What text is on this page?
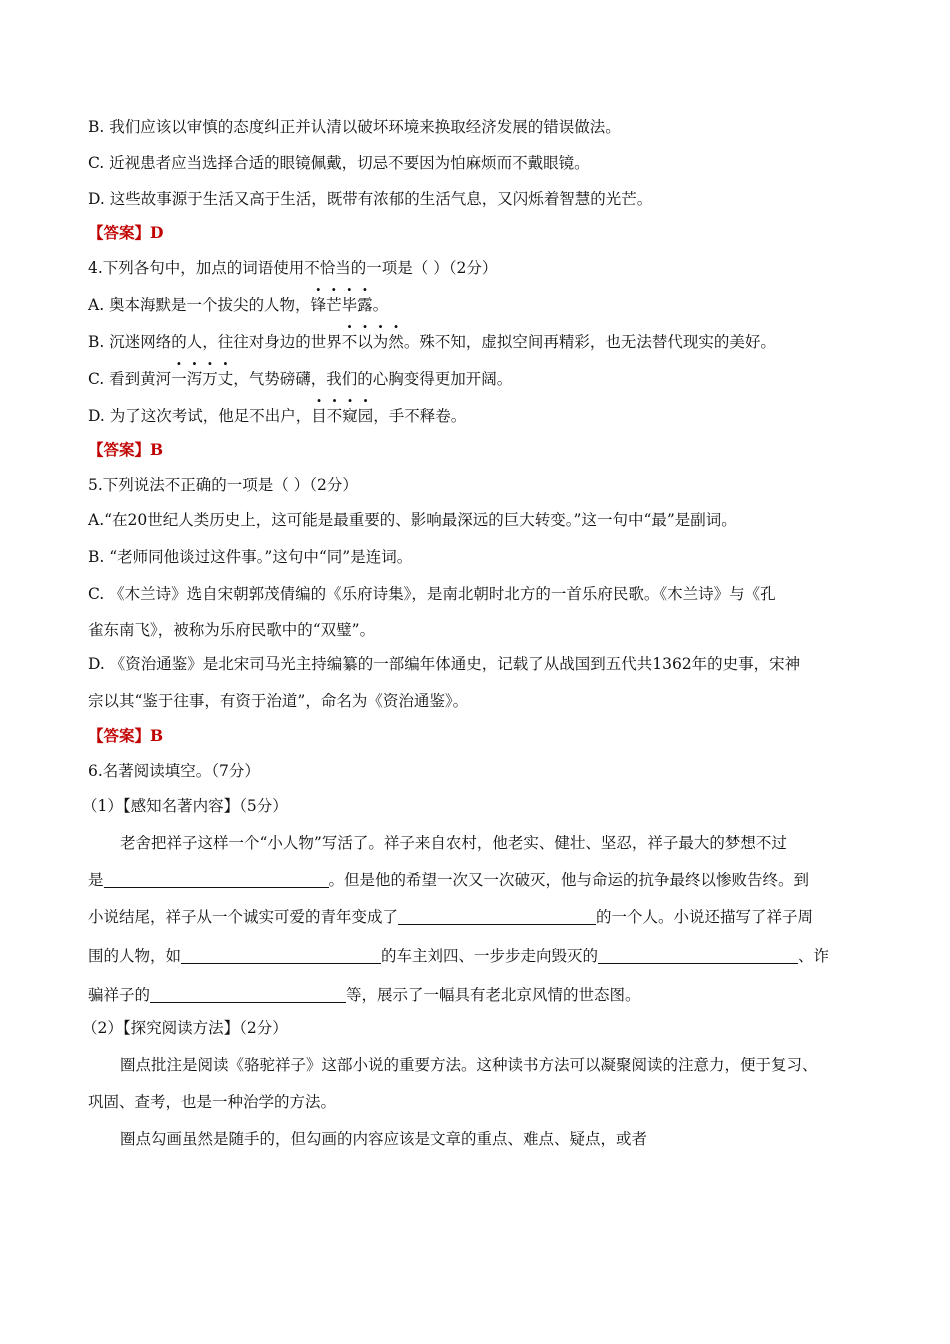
B. 我们应该以审慎的态度纠正并认清以破坏环境来换取经济发展的错误做法。
C. 近视患者应当选择合适的眼镜佩戴，切忌不要因为怕麻烦而不戴眼镜。
D. 这些故事源于生活又高于生活，既带有浓郁的生活气息，又闪烁着智慧的光芒。
【答案】D
4.下列各句中，加点的词语使用不恰当的一项是（ ）（2分）
A. 奥本海默是一个拔尖的人物，锋芒毕露。
B. 沉迷网络的人，往往对身边的世界不以为然。殊不知，虚拟空间再精彩，也无法替代现实的美好。
C. 看到黄河一泻万丈，气势磅礴，我们的心胸变得更加开阔。
D. 为了这次考试，他足不出户，目不窥园，手不释卷。
【答案】B
5.下列说法不正确的一项是（ ）（2分）
A.“在20世纪人类历史上，这可能是最重要的、影响最深远的巨大转变。”这一句中“最”是副词。
B. “老师同他谈过这件事。”这句中“同”是连词。
C. 《木兰诗》选自宋朝郭茂倩编的《乐府诗集》，是南北朝时北方的一首乐府民歌。《木兰诗》与《孔
雀东南飞》，被称为乐府民歌中的“双璧”。
D. 《资治通鉴》是北宋司马光主持编纂的一部编年体通史，记载了从战国到五代共1362年的史事，宋神
宗以其“鉴于往事，有资于治道”，命名为《资治通鉴》。
【答案】B
6.名著阅读填空。（7分）
（1）【感知名著内容】（5分）
老舍把祥子这样一个“小人物”写活了。祥子来自农村，他老实、健壮、坚忍，祥子最大的梦想不过
是	。但是他的希望一次又一次破灭，他与命运的抗争最终以惨败告终。到
小说结尾，祥子从一个诚实可爱的青年变成了	的一个人。小说还描写了祥子周
围的人物，如	的车主刘四、一步步走向毁灭的	、诈
骗祥子的	等，展示了一幅具有老北京风情的世态图。
（2）【探究阅读方法】（2分）
圈点批注是阅读《骆驼祥子》这部小说的重要方法。这种读书方法可以凝聚阅读的注意力，便于复习、
巩固、查考，也是一种治学的方法。
圈点勾画虽然是随手的，但勾画的内容应该是文章的重点、难点、疑点，或者
